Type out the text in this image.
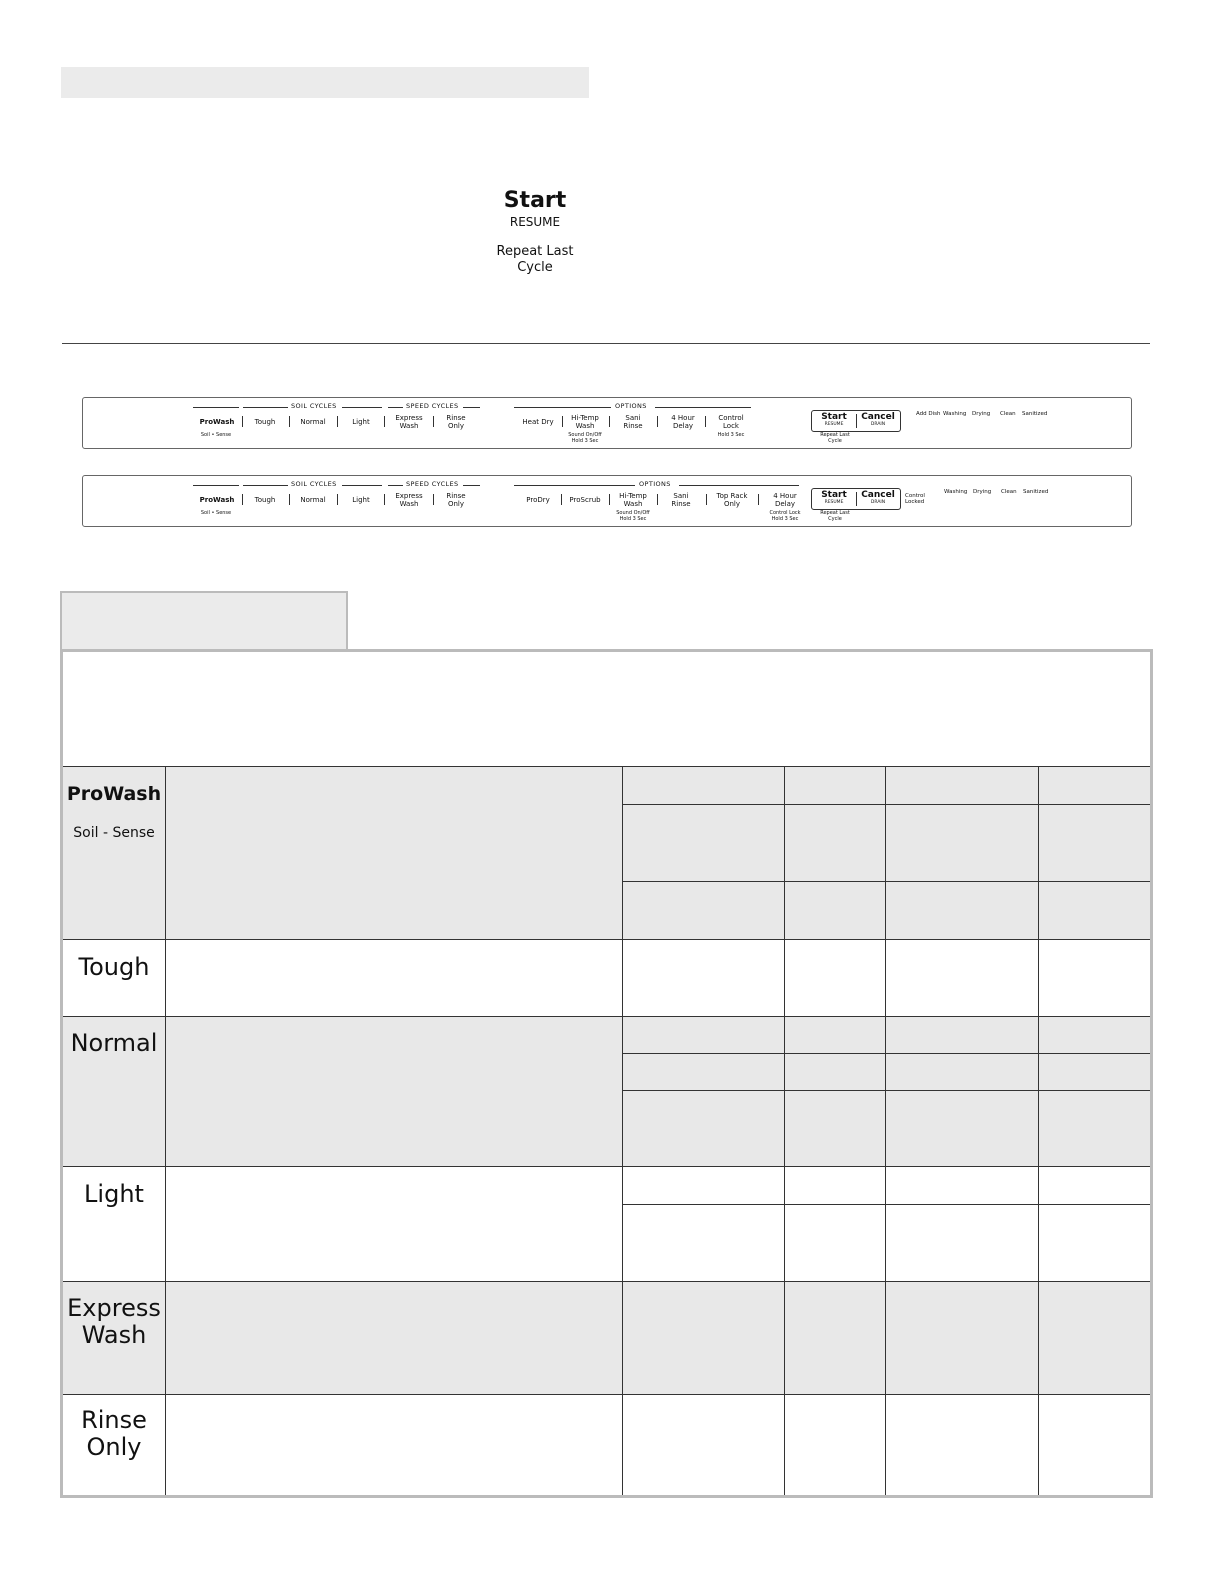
Start
RESUME
Repeat Last
Cycle
SOIL CYCLES	SPEED CYCLES	OPTIONS
ProWash	Tough	Normal	Light	Express
Wash
Rinse
Only
Soil • Sense
Heat Dry	Hi-Temp
Wash
Sound On/Off
Hold 3 Sec
Sani
Rinse
4 Hour
Delay
Control
Lock
Hold 3 Sec
Start
RESUME
Cancel
DRAIN
Repeat Last
Cycle
Add Dish Washing Drying Clean Sanitized
SOIL CYCLES	SPEED CYCLES	OPTIONS
ProWash	Tough	Normal	Light	Express
Wash
Rinse
Only
Soil • Sense
ProDry	ProScrub	Hi-Temp
Wash
Sound On/Off
Hold 3 Sec
Sani
Rinse
Top Rack
Only
4 Hour
Delay
Control Lock
Hold 3 Sec
Start
RESUME
Cancel
DRAIN
Repeat Last
Cycle
Control
Locked
Washing Drying Clean Sanitized
ProWash
Soil - Sense
Tough
Normal
Light
Express
Wash
Rinse
Only
